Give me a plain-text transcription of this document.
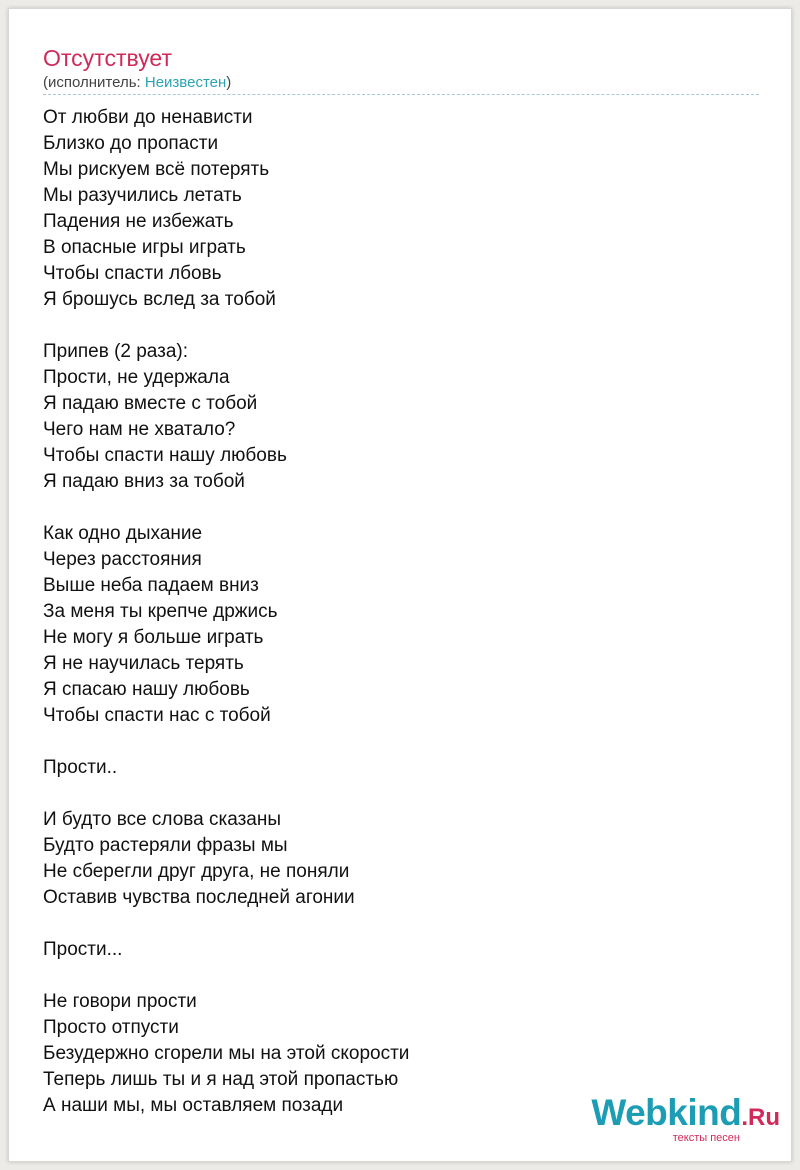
Отсутствует
(исполнитель: Неизвестен)
От любви до ненависти
Близко до пропасти
Мы рискуем всё потерять
Мы разучились летать
Падения не избежать
В опасные игры играть
Чтобы спасти лбовь
Я брошусь вслед за тобой
Припев (2 раза):
Прости, не удержала
Я падаю вместе с тобой
Чего нам не хватало?
Чтобы спасти нашу любовь
Я падаю вниз за тобой
Как одно дыхание
Через расстояния
Выше неба падаем вниз
За меня ты крепче држись
Не могу я больше играть
Я не научилась терять
Я спасаю нашу любовь
Чтобы спасти нас с тобой
Прости..
И будто все слова сказаны
Будто растеряли фразы мы
Не сберегли друг друга, не поняли
Оставив чувства последней агонии
Прости...
Не говори прости
Просто отпусти
Безудержно сгорели мы на этой скорости
Теперь лишь ты и я над этой пропастью
А наши мы, мы оставляем позади	Webkind.Ru
тексты песен
